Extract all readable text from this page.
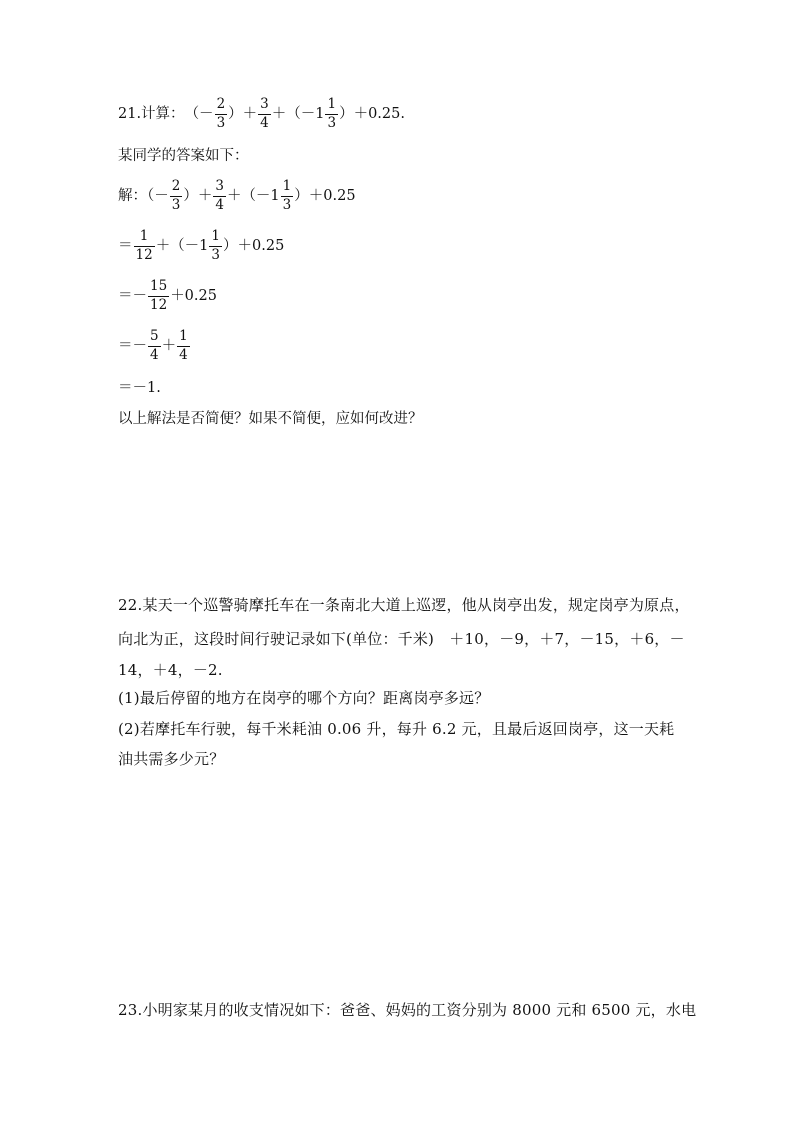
21.计算： （－ $\frac{2}{3}$ ）＋ $\frac{3}{4} +(-1 \frac{1}{3} )+0.25$.
某同学的答案如下：
解：（－ $\frac{2}{3}$ ）＋ $\frac{3}{4} +(-1 \frac{1}{3} )+0.25$
＝ $\frac{1}{12} +(-1 \frac{1}{3} )+0.25$
＝－ $\frac{15}{12} +0.25$
＝－ $\frac{5}{4} + \frac{1}{4}$
＝－1.
以上解法是否简便？如果不简便，应如何改进？
22.某天一个巡警骑摩托车在一条南北大道上巡逻，他从岗亭出发，规定岗亭为原点，
向北为正，这段时间行驶记录如下(单位：千米)　＋10，－9，＋7，－15，＋6，－
14，＋4，－2.
(1)最后停留的地方在岗亭的哪个方向？距离岗亭多远？
(2)若摩托车行驶，每千米耗油 0.06 升，每升 6.2 元，且最后返回岗亭，这一天耗
油共需多少元？
23.小明家某月的收支情况如下：爸爸、妈妈的工资分别为 8000 元和 6500 元，水电
